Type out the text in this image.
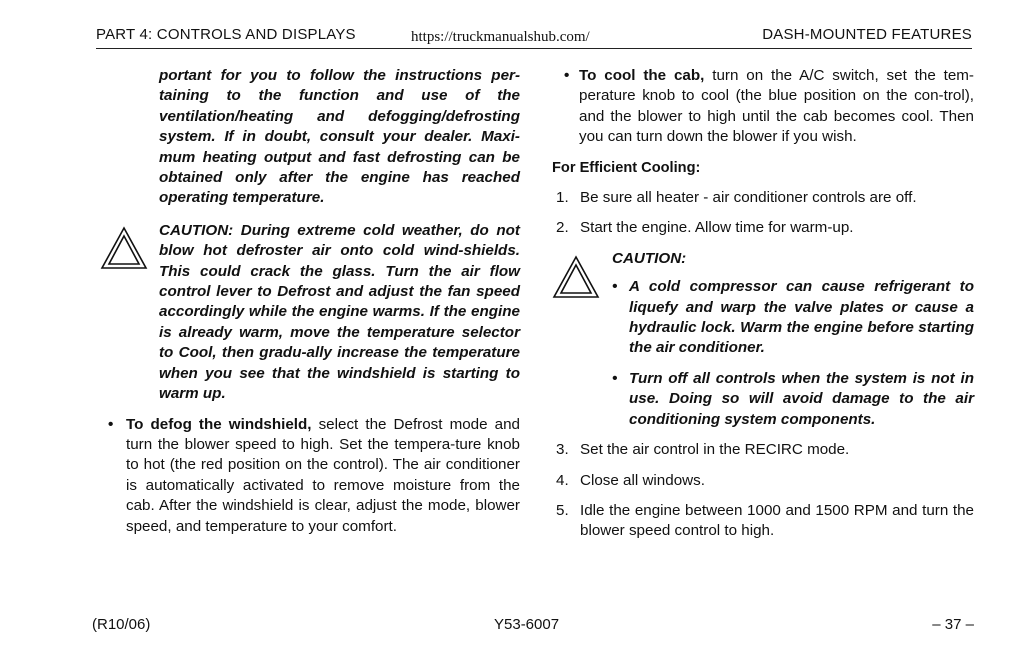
PART 4: CONTROLS AND DISPLAYS	https://truckmanualshub.com/	DASH-MOUNTED FEATURES
portant for you to follow the instructions per-taining to the function and use of the ventilation/heating and defogging/defrosting system. If in doubt, consult your dealer. Maxi-mum heating output and fast defrosting can be obtained only after the engine has reached operating temperature.
CAUTION: During extreme cold weather, do not blow hot defroster air onto cold wind-shields. This could crack the glass. Turn the air flow control lever to Defrost and adjust the fan speed accordingly while the engine warms. If the engine is already warm, move the temperature selector to Cool, then gradu-ally increase the temperature when you see that the windshield is starting to warm up.
• To defog the windshield, select the Defrost mode and turn the blower speed to high. Set the tempera-ture knob to hot (the red position on the control). The air conditioner is automatically activated to remove moisture from the cab. After the windshield is clear, adjust the mode, blower speed, and temperature to your comfort.
• To cool the cab, turn on the A/C switch, set the tem-perature knob to cool (the blue position on the con-trol), and the blower to high until the cab becomes cool. Then you can turn down the blower if you wish.
For Efficient Cooling:
1. Be sure all heater - air conditioner controls are off.
2. Start the engine. Allow time for warm-up.
CAUTION:
• A cold compressor can cause refrigerant to liquefy and warp the valve plates or cause a hydraulic lock. Warm the engine before starting the air conditioner.
• Turn off all controls when the system is not in use. Doing so will avoid damage to the air conditioning system components.
3. Set the air control in the RECIRC mode.
4. Close all windows.
5. Idle the engine between 1000 and 1500 RPM and turn the blower speed control to high.
(R10/06)	Y53-6007	– 37 –
